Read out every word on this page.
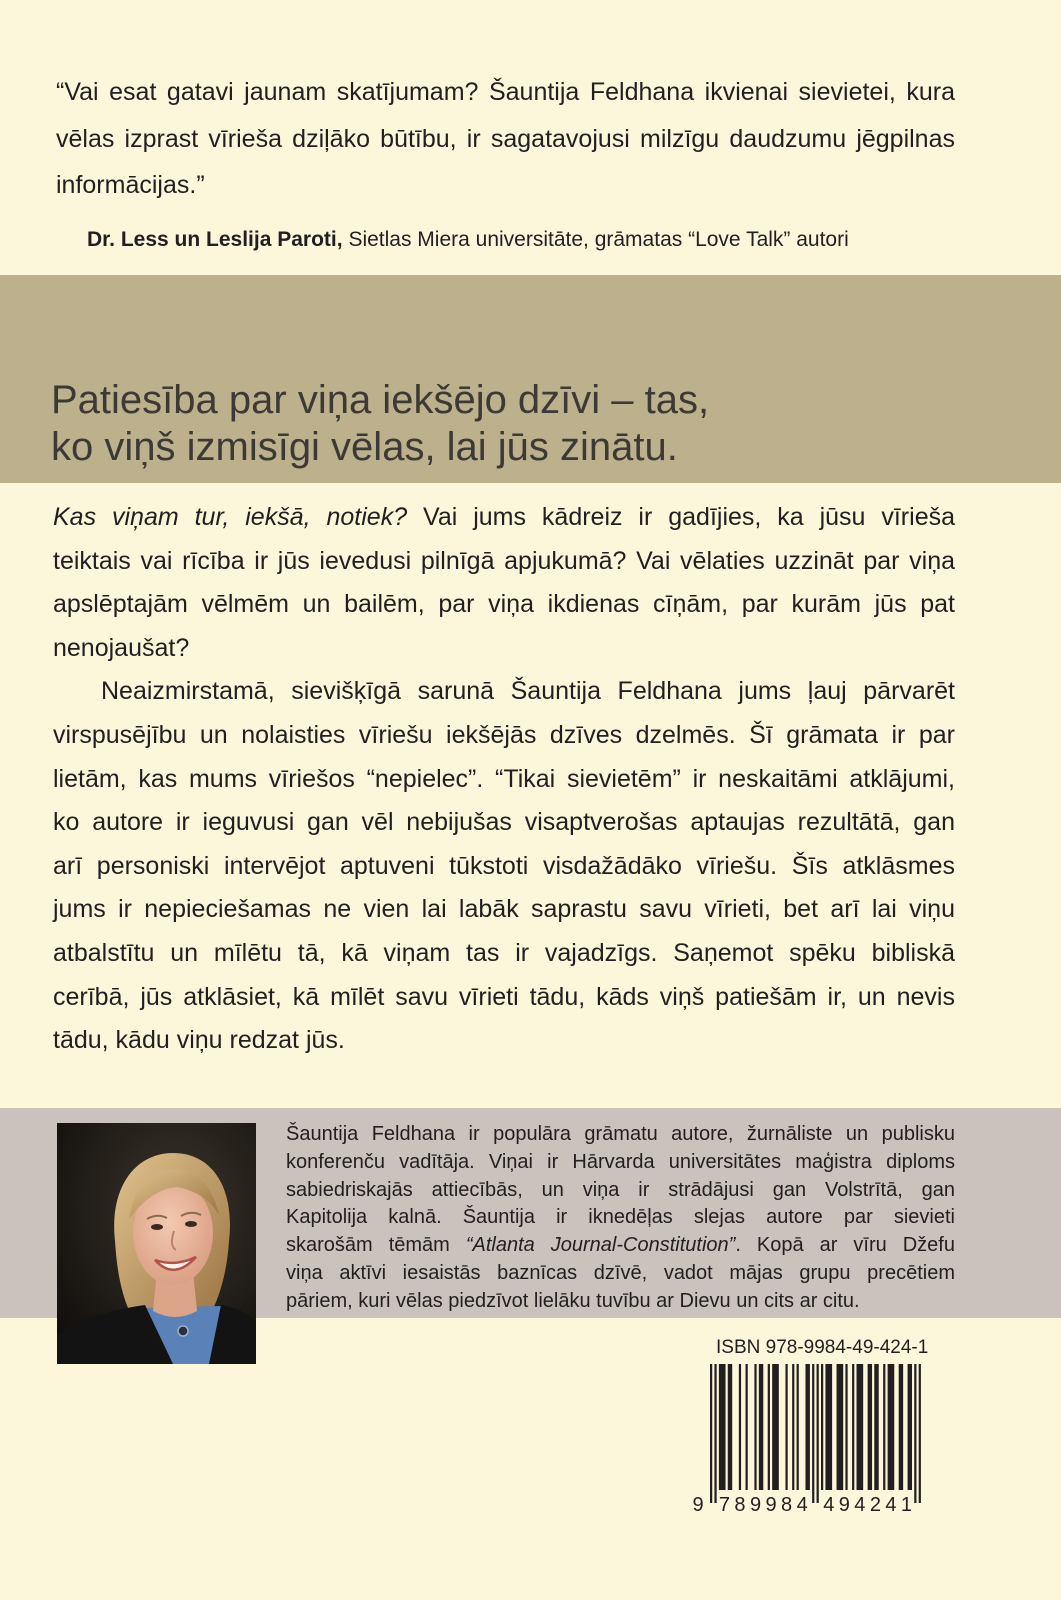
“Vai esat gatavi jaunam skatījumam? Šauntija Feldhana ikvienai sievietei, kura
vēlas izprast vīrieša dziļāko būtību, ir sagatavojusi milzīgu daudzumu jēgpilnas
informācijas.”
Dr. Less un Leslija Paroti, Sietlas Miera universitāte, grāmatas “Love Talk” autori
Patiesība par viņa iekšējo dzīvi – tas,
ko viņš izmisīgi vēlas, lai jūs zinātu.
Kas viņam tur, iekšā, notiek? Vai jums kādreiz ir gadījies, ka jūsu vīrieša
teiktais vai rīcība ir jūs ievedusi pilnīgā apjukumā? Vai vēlaties uzzināt par viņa
apslēptajām vēlmēm un bailēm, par viņa ikdienas cīņām, par kurām jūs pat
nenojaušat?
Neaizmirstamā, sievišķīgā sarunā Šauntija Feldhana jums ļauj pārvarēt
virspusējību un nolaisties vīriešu iekšējās dzīves dzelmēs. Šī grāmata ir par
lietām, kas mums vīriešos “nepielec”. “Tikai sievietēm” ir neskaitāmi atklājumi,
ko autore ir ieguvusi gan vēl nebijušas visaptverošas aptaujas rezultātā, gan
arī personiski intervējot aptuveni tūkstoti visdažādāko vīriešu. Šīs atklāsmes
jums ir nepieciešamas ne vien lai labāk saprastu savu vīrieti, bet arī lai viņu
atbalstītu un mīlētu tā, kā viņam tas ir vajadzīgs. Saņemot spēku bibliskā
cerībā, jūs atklāsiet, kā mīlēt savu vīrieti tādu, kāds viņš patiešām ir, un nevis
tādu, kādu viņu redzat jūs.
Šauntija Feldhana ir populāra grāmatu autore, žurnāliste un publisku
konferenču vadītāja. Viņai ir Hārvarda universitātes maģistra diploms
sabiedriskajās attiecībās, un viņa ir strādājusi gan Volstrītā, gan
Kapitolija kalnā. Šauntija ir iknedēļas slejas autore par sievieti
skarošām tēmām “Atlanta Journal-Constitution”. Kopā ar vīru Džefu
viņa aktīvi iesaistās baznīcas dzīvē, vadot mājas grupu precētiem
pāriem, kuri vēlas piedzīvot lielāku tuvību ar Dievu un cits ar citu.
ISBN 978-9984-49-424-1
9 7 8 9 9 8 4 4 9 4 2 4 1
